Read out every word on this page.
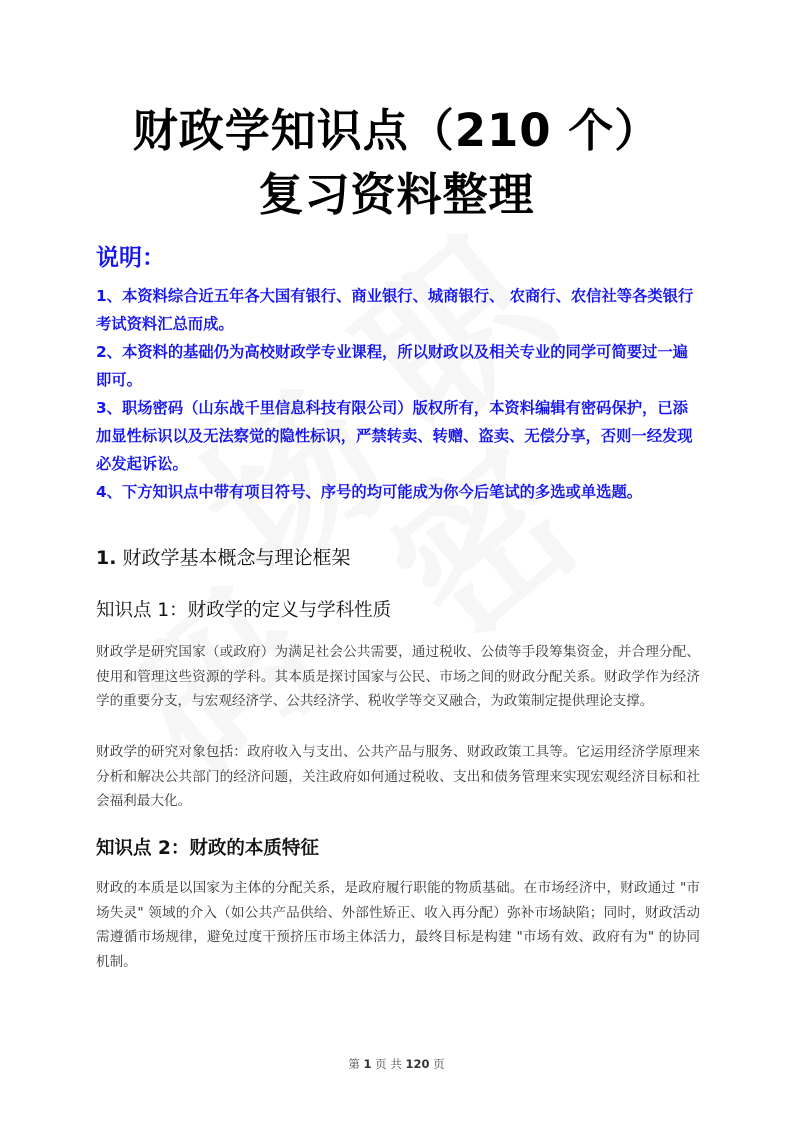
财政学知识点（210 个）
复习资料整理
说明：

1、本资料综合近五年各大国有银行、商业银行、城商银行、 农商行、农信社等各类银行考试资料汇总而成。

2、本资料的基础仍为高校财政学专业课程，所以财政以及相关专业的同学可简要过一遍即可。

3、职场密码（山东战千里信息科技有限公司）版权所有，本资料编辑有密码保护，已添加显性标识以及无法察觉的隐性标识，严禁转卖、转赠、盗卖、无偿分享，否则一经发现必发起诉讼。

4、下方知识点中带有项目符号、序号的均可能成为你今后笔试的多选或单选题。

1. 财政学基本概念与理论框架
知识点 1：财政学的定义与学科性质

财政学是研究国家（或政府）为满足社会公共需要，通过税收、公债等手段筹集资金，并合理分配、使用和管理这些资源的学科。其本质是探讨国家与公民、市场之间的财政分配关系。财政学作为经济学的重要分支，与宏观经济学、公共经济学、税收学等交叉融合，为政策制定提供理论支撑。

财政学的研究对象包括：政府收入与支出、公共产品与服务、财政政策工具等。它运用经济学原理来分析和解决公共部门的经济问题，关注政府如何通过税收、支出和债务管理来实现宏观经济目标和社会福利最大化。

知识点 2：财政的本质特征

财政的本质是以国家为主体的分配关系，是政府履行职能的物质基础。在市场经济中，财政通过 "市场失灵" 领域的介入（如公共产品供给、外部性矫正、收入再分配）弥补市场缺陷；同时，财政活动需遵循市场规律，避免过度干预挤压市场主体活力，最终目标是构建 "市场有效、政府有为" 的协同机制。

第 1 页 共 120 页
